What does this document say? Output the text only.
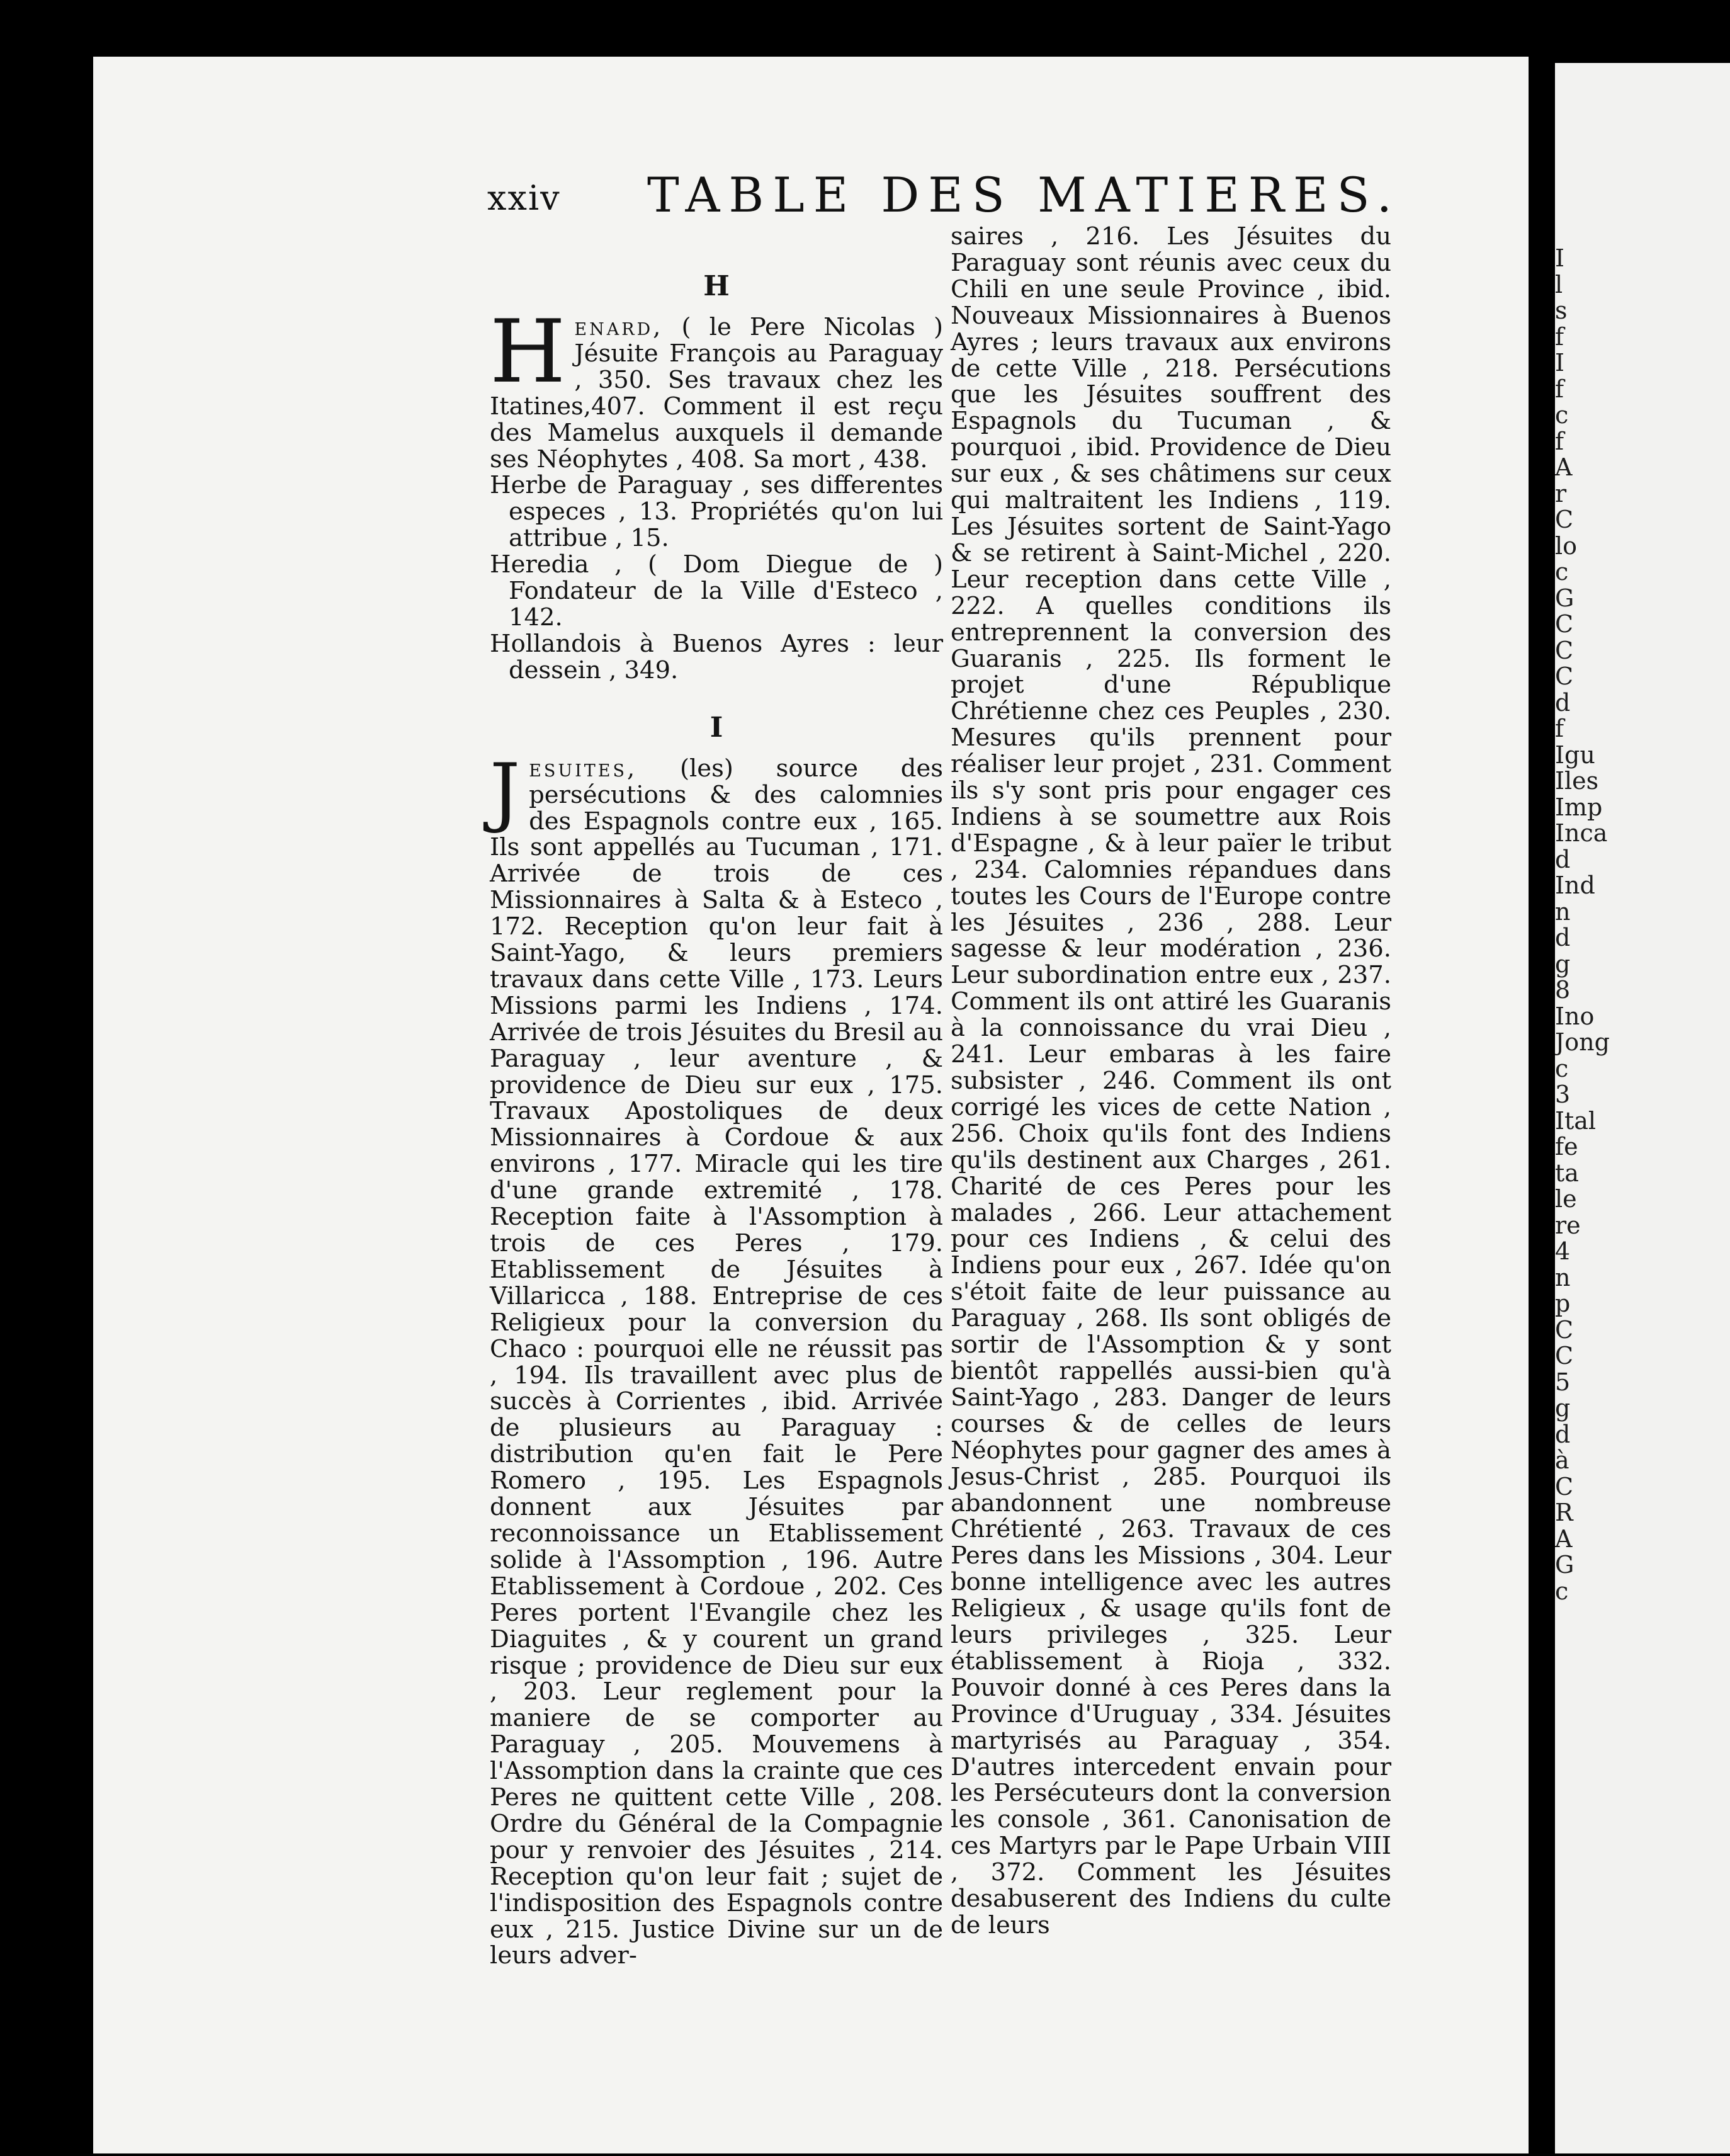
xxiv TABLE DES MATIERES.
H
Henard, ( le Pere Nicolas ) Jésuite François au Paraguay , 350. Ses travaux chez les Itatines,407. Comment il est reçu des Mamelus auxquels il demande ses Néophytes , 408. Sa mort , 438.
Herbe de Paraguay , ses differentes especes , 13. Propriétés qu'on lui attribue , 15.
Heredia , ( Dom Diegue de ) Fondateur de la Ville d'Esteco , 142.
Hollandois à Buenos Ayres : leur dessein , 349.
I
Jesuites, (les) source des persécutions & des calomnies des Espagnols contre eux , 165. Ils sont appellés au Tucuman , 171. Arrivée de trois de ces Missionnaires à Salta & à Esteco , 172. Reception qu'on leur fait à Saint-Yago, & leurs premiers travaux dans cette Ville , 173. Leurs Missions parmi les Indiens , 174. Arrivée de trois Jésuites du Bresil au Paraguay , leur aventure , & providence de Dieu sur eux , 175. Travaux Apostoliques de deux Missionnaires à Cordoue & aux environs , 177. Miracle qui les tire d'une grande extremité , 178. Reception faite à l'Assomption à trois de ces Peres , 179. Etablissement de Jésuites à Villaricca , 188. Entreprise de ces Religieux pour la conversion du Chaco : pourquoi elle ne réussit pas , 194. Ils travaillent avec plus de succès à Corrientes , ibid. Arrivée de plusieurs au Paraguay : distribution qu'en fait le Pere Romero , 195. Les Espagnols donnent aux Jésuites par reconnoissance un Etablissement solide à l'Assomption , 196. Autre Etablissement à Cordoue , 202. Ces Peres portent l'Evangile chez les Diaguites , & y courent un grand risque ; providence de Dieu sur eux , 203. Leur reglement pour la maniere de se comporter au Paraguay , 205. Mouvemens à l'Assomption dans la crainte que ces Peres ne quittent cette Ville , 208. Ordre du Général de la Compagnie pour y renvoier des Jésuites , 214. Reception qu'on leur fait ; sujet de l'indisposition des Espagnols contre eux , 215. Justice Divine sur un de leurs adver-
saires , 216. Les Jésuites du Paraguay sont réunis avec ceux du Chili en une seule Province , ibid. Nouveaux Missionnaires à Buenos Ayres ; leurs travaux aux environs de cette Ville , 218. Persécutions que les Jésuites souffrent des Espagnols du Tucuman , & pourquoi , ibid. Providence de Dieu sur eux , & ses châtimens sur ceux qui maltraitent les Indiens , 119. Les Jésuites sortent de Saint-Yago & se retirent à Saint-Michel , 220. Leur reception dans cette Ville , 222. A quelles conditions ils entreprennent la conversion des Guaranis , 225. Ils forment le projet d'une République Chrétienne chez ces Peuples , 230. Mesures qu'ils prennent pour réaliser leur projet , 231. Comment ils s'y sont pris pour engager ces Indiens à se soumettre aux Rois d'Espagne , & à leur païer le tribut , 234. Calomnies répandues dans toutes les Cours de l'Europe contre les Jésuites , 236 , 288. Leur sagesse & leur modération , 236. Leur subordination entre eux , 237. Comment ils ont attiré les Guaranis à la connoissance du vrai Dieu , 241. Leur embaras à les faire subsister , 246. Comment ils ont corrigé les vices de cette Nation , 256. Choix qu'ils font des Indiens qu'ils destinent aux Charges , 261. Charité de ces Peres pour les malades , 266. Leur attachement pour ces Indiens , & celui des Indiens pour eux , 267. Idée qu'on s'étoit faite de leur puissance au Paraguay , 268. Ils sont obligés de sortir de l'Assomption & y sont bientôt rappellés aussi-bien qu'à Saint-Yago , 283. Danger de leurs courses & de celles de leurs Néophytes pour gagner des ames à Jesus-Christ , 285. Pourquoi ils abandonnent une nombreuse Chrétienté , 263. Travaux de ces Peres dans les Missions , 304. Leur bonne intelligence avec les autres Religieux , & usage qu'ils font de leurs privileges , 325. Leur établissement à Rioja , 332. Pouvoir donné à ces Peres dans la Province d'Uruguay , 334. Jésuites martyrisés au Paraguay , 354. D'autres intercedent envain pour les Persécuteurs dont la conversion les console , 361. Canonisation de ces Martyrs par le Pape Urbain VIII , 372. Comment les Jésuites desabuserent des Indiens du culte de leurs
I
l
s
f
I
f
c
f
A
r
C
lo
c
G
C
C
C
d
f
Igu
Iles
Imp
Inca
d
Ind
n
d
g
8
Ino
Jong
c
3
Ital
fe
ta
le
re
4
n
p
C
C
5
g
d
à
C
R
A
G
c
